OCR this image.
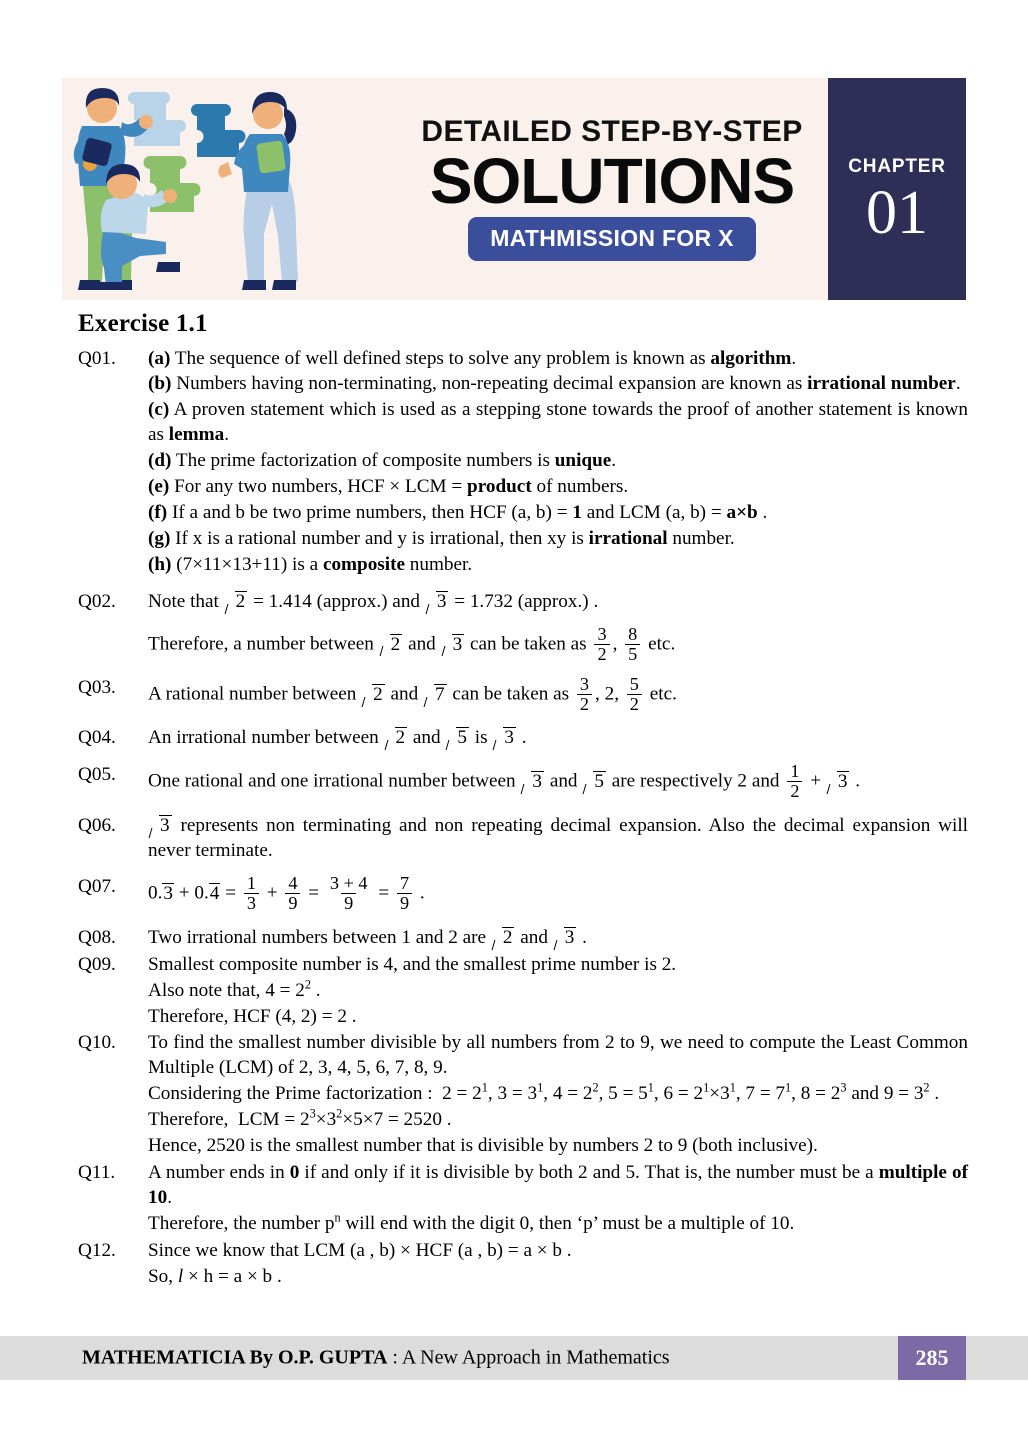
DETAILED STEP-BY-STEP
SOLUTIONS
MATHMISSION FOR X
CHAPTER
01
Exercise 1.1
Q01.	(a) The sequence of well defined steps to solve any problem is known as algorithm.
(b) Numbers having non-terminating, non-repeating decimal expansion are known as irrational number.
(c) A proven statement which is used as a stepping stone towards the proof of another statement is known as lemma.
(d) The prime factorization of composite numbers is unique.
(e) For any two numbers, HCF × LCM = product of numbers.
(f) If a and b be two prime numbers, then HCF (a, b) = 1 and LCM (a, b) = a×b .
(g) If x is a rational number and y is irrational, then xy is irrational number.
(h) (7×11×13+11) is a composite number.
Q02.	Note that 2 = 1.414 (approx.) and 3 = 1.732 (approx.) .
Therefore, a number between 2 and 3 can be taken as $\frac{3}{2}$ , $\frac{8}{5}$ etc.
Q03.	A rational number between 2 and 7 can be taken as $\frac{3}{2}$ , 2, $\frac{5}{2}$ etc.
Q04.	An irrational number between 2 and 5 is 3 .
Q05.	One rational and one irrational number between 3 and 5 are respectively 2 and $\frac{1}{2} + 3$ .
Q06.	3 represents non terminating and non repeating decimal expansion. Also the decimal expansion will never terminate.
Q07.	$0.3 + 0.4 = \frac{1}{3} + \frac{4}{9} = \frac{3 + 4}{9} = \frac{7}{9}$ .
Q08.	Two irrational numbers between 1 and 2 are 2 and 3 .
Q09.	Smallest composite number is 4, and the smallest prime number is 2.
Also note that, $4 = 2^2$ .
Therefore, HCF (4, 2) = 2 .
Q10.	To find the smallest number divisible by all numbers from 2 to 9, we need to compute the Least Common Multiple (LCM) of 2, 3, 4, 5, 6, 7, 8, 9.
Considering the Prime factorization :  $2 = 2^1$, $3 = 3^1$, $4 = 2^2$, $5 = 5^1$, $6 = 2^1\times 3^1$, $7 = 7^1$, $8 = 2^3$ and $9 = 3^2$ .
Therefore,  LCM = $2^3\times 3^2\times 5\times 7 = 2520$ .
Hence, 2520 is the smallest number that is divisible by numbers 2 to 9 (both inclusive).
Q11.	A number ends in 0 if and only if it is divisible by both 2 and 5. That is, the number must be a multiple of 10.
Therefore, the number $p^n$ will end with the digit 0, then ‘p’ must be a multiple of 10.
Q12.	Since we know that LCM (a , b) × HCF (a , b) = a × b .
So, l × h = a × b .
MATHEMATICIA By O.P. GUPTA : A New Approach in Mathematics	285
